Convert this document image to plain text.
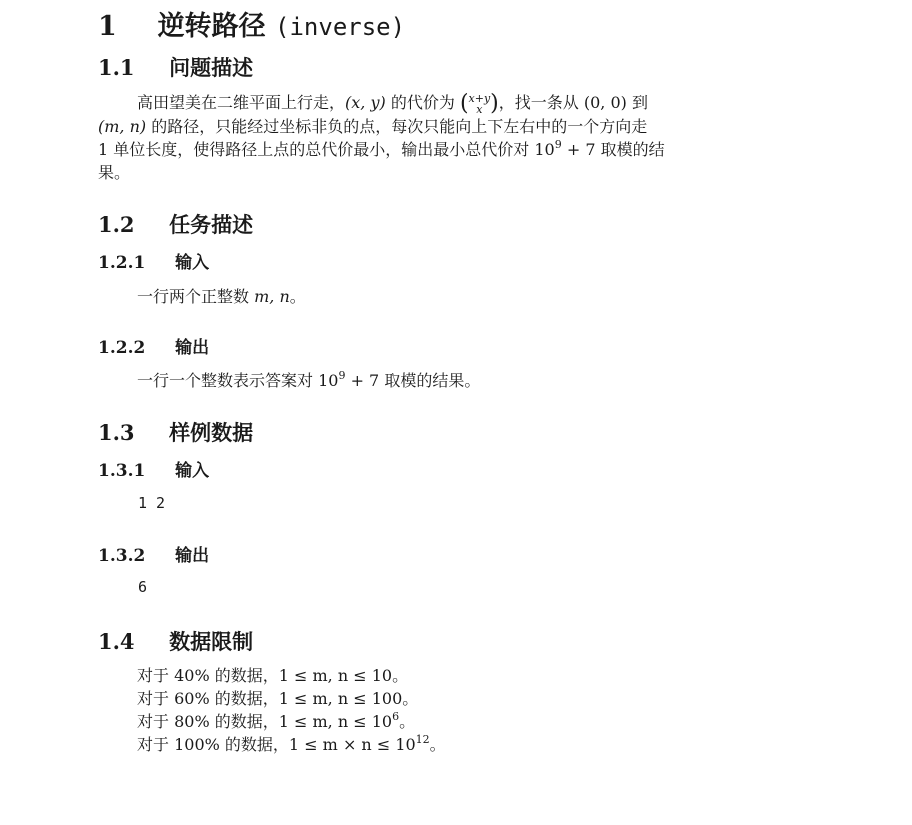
1 逆转路径 (inverse)
1.1 问题描述
高田望美在二维平面上行走，(x, y) 的代价为 (x+y
x )，找一条从 (0, 0) 到
(m, n) 的路径，只能经过坐标非负的点，每次只能向上下左右中的一个方向走
1 单位长度，使得路径上点的总代价最小，输出最小总代价对 $10^9 + 7$ 取模的结
果。
1.2 任务描述
1.2.1 输入
一行两个正整数 m, n。
1.2.2 输出
一行一个整数表示答案对 $10^9 + 7$ 取模的结果。
1.3 样例数据
1.3.1 输入
1 2
1.3.2 输出
6
1.4 数据限制
对于 40% 的数据，1 ≤ m, n ≤ 10。
对于 60% 的数据，1 ≤ m, n ≤ 100。
对于 80% 的数据，1 ≤ m, $n \le 10^6$。
对于 100% 的数据，$1 \le m \times n \le 10^{12}$。
